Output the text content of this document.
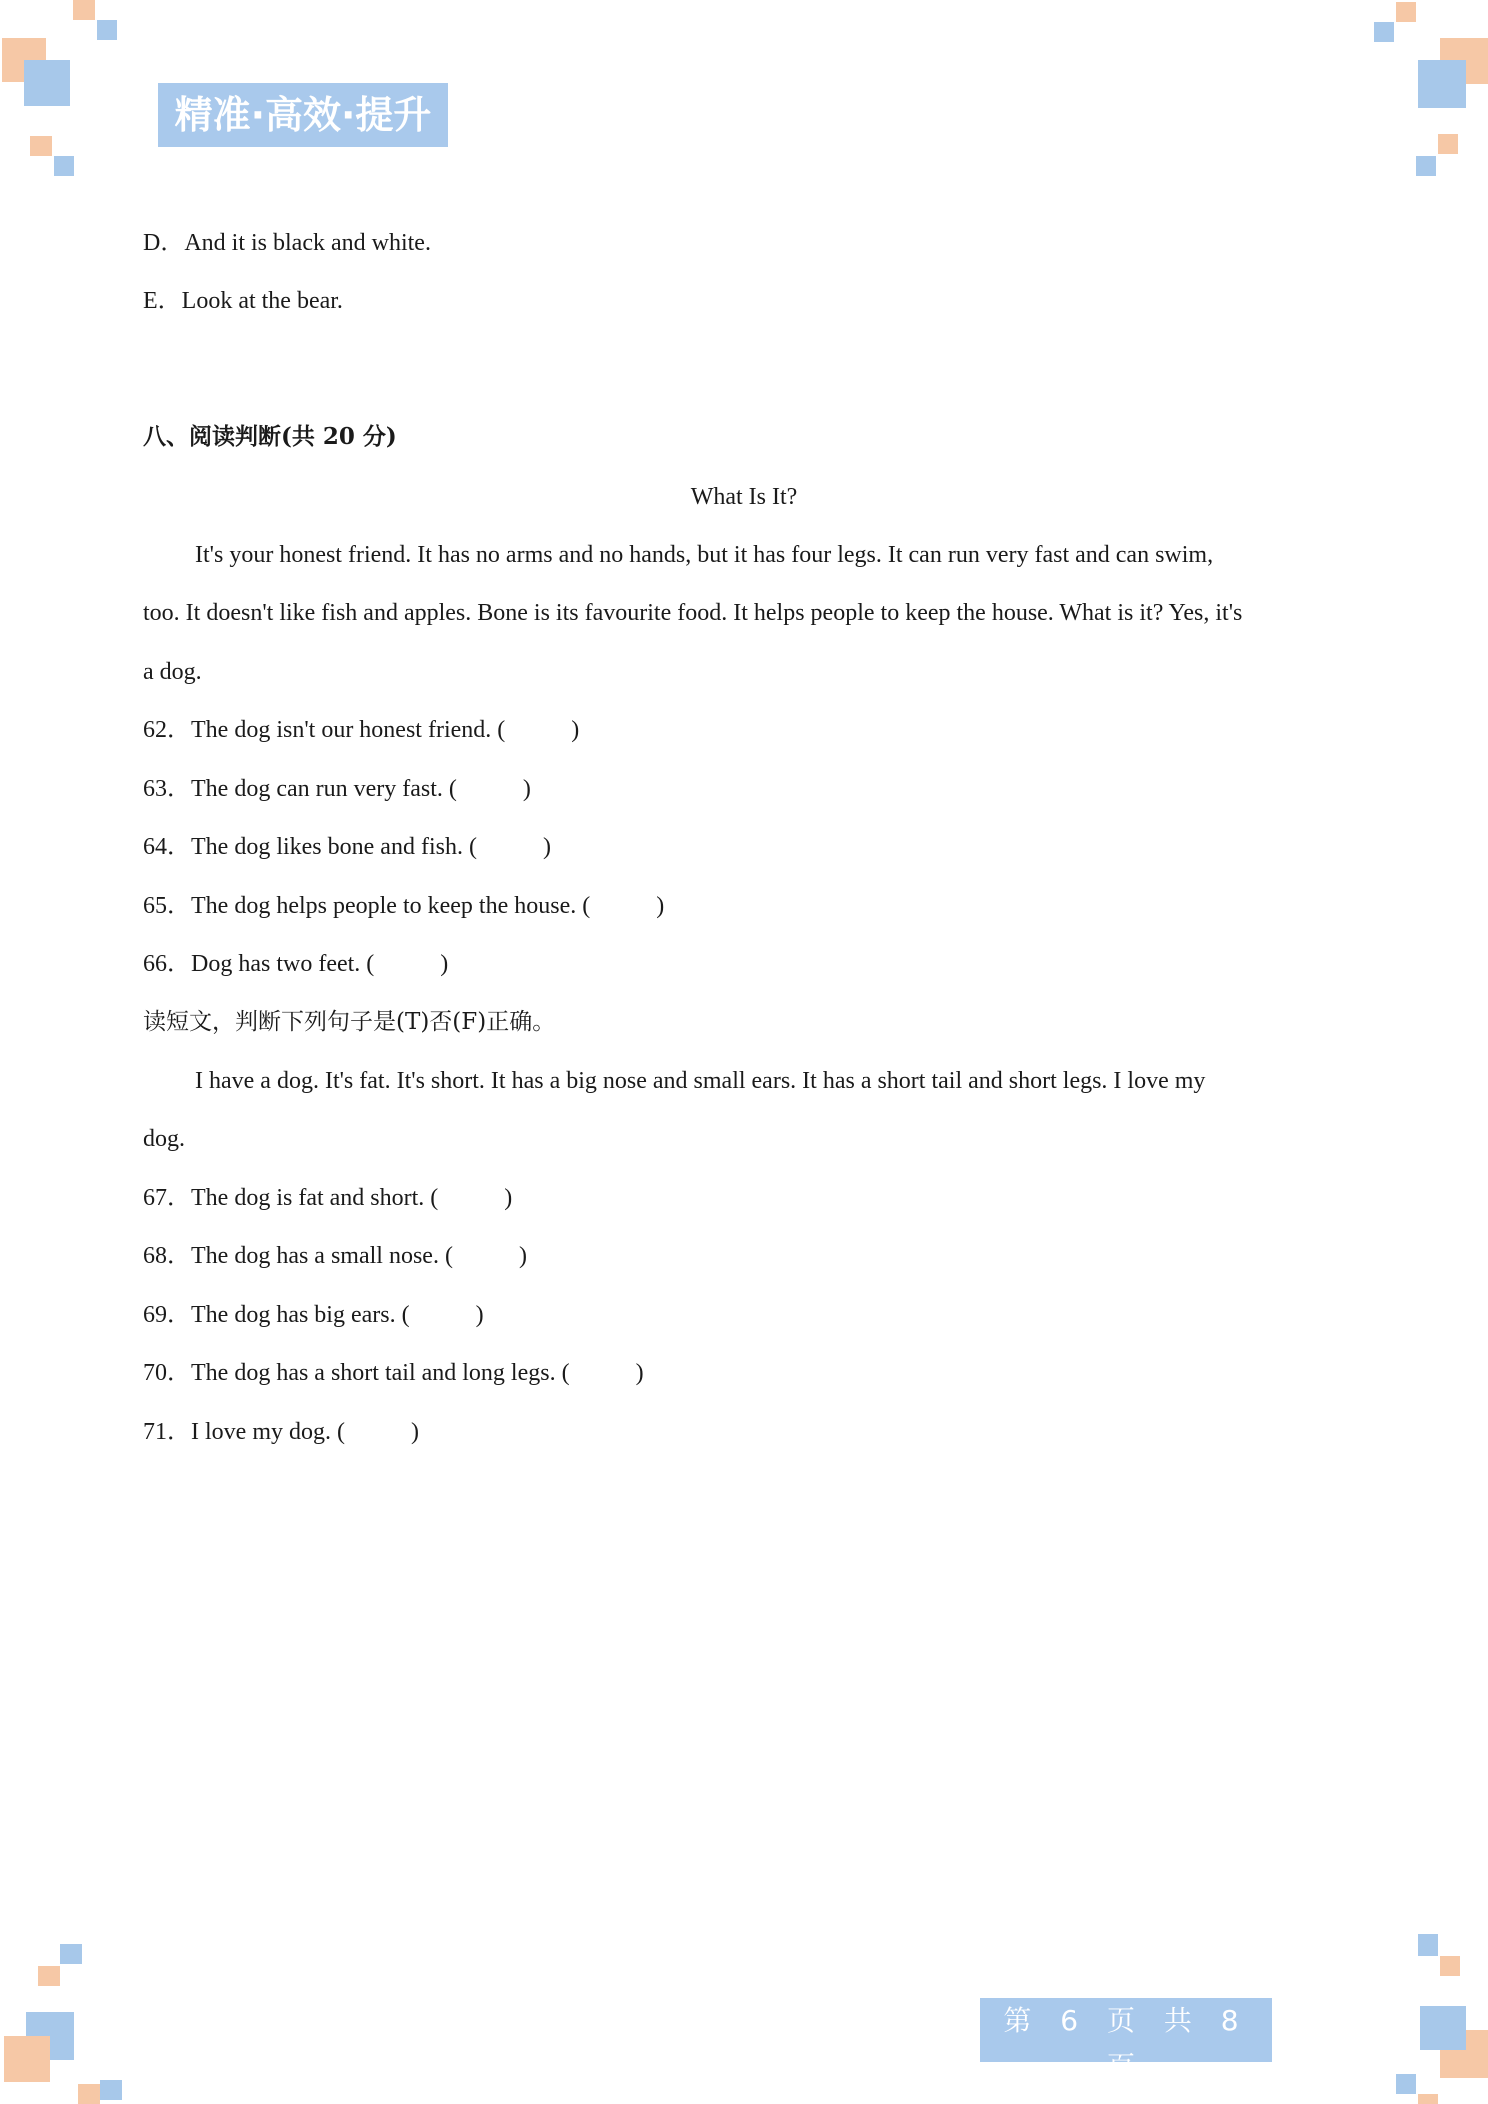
精准·高效·提升
D．And it is black and white.
E．Look at the bear.
八、阅读判断(共 20 分)
What Is It?
It's your honest friend. It has no arms and no hands, but it has four legs. It can run very fast and can swim,
too. It doesn't like fish and apples. Bone is its favourite food. It helps people to keep the house. What is it? Yes, it's
a dog.
62．The dog isn't our honest friend. (	)
63．The dog can run very fast. (	)
64．The dog likes bone and fish. (	)
65．The dog helps people to keep the house. (	)
66．Dog has two feet. (	)
读短文，判断下列句子是(T)否(F)正确。
I have a dog. It's fat. It's short. It has a big nose and small ears. It has a short tail and short legs. I love my
dog.
67．The dog is fat and short. (	)
68．The dog has a small nose. (	)
69．The dog has big ears. (	)
70．The dog has a short tail and long legs. (	)
71．I love my dog. (	)
第 6 页 共 8 页
